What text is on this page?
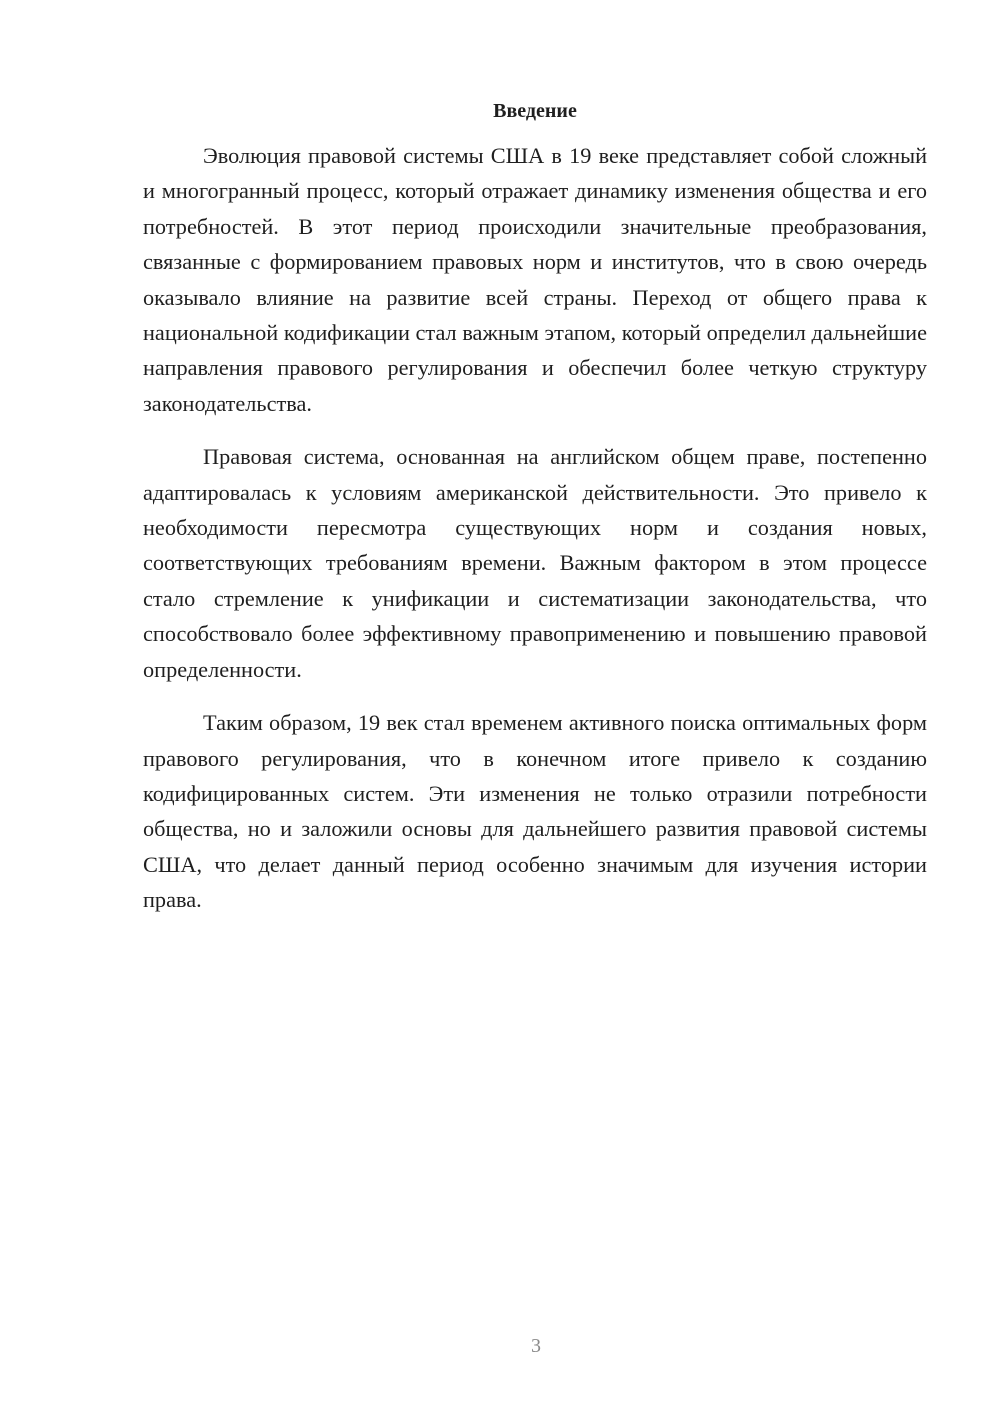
Введение

Эволюция правовой системы США в 19 веке представляет собой сложный и многогранный процесс, который отражает динамику изменения общества и его потребностей. В этот период происходили значительные преобразования, связанные с формированием правовых норм и институтов, что в свою очередь оказывало влияние на развитие всей страны. Переход от общего права к национальной кодификации стал важным этапом, который определил дальнейшие направления правового регулирования и обеспечил более четкую структуру законодательства.

Правовая система, основанная на английском общем праве, постепенно адаптировалась к условиям американской действительности. Это привело к необходимости пересмотра существующих норм и создания новых, соответствующих требованиям времени. Важным фактором в этом процессе стало стремление к унификации и систематизации законодательства, что способствовало более эффективному правоприменению и повышению правовой определенности.

Таким образом, 19 век стал временем активного поиска оптимальных форм правового регулирования, что в конечном итоге привело к созданию кодифицированных систем. Эти изменения не только отразили потребности общества, но и заложили основы для дальнейшего развития правовой системы США, что делает данный период особенно значимым для изучения истории права.

3
